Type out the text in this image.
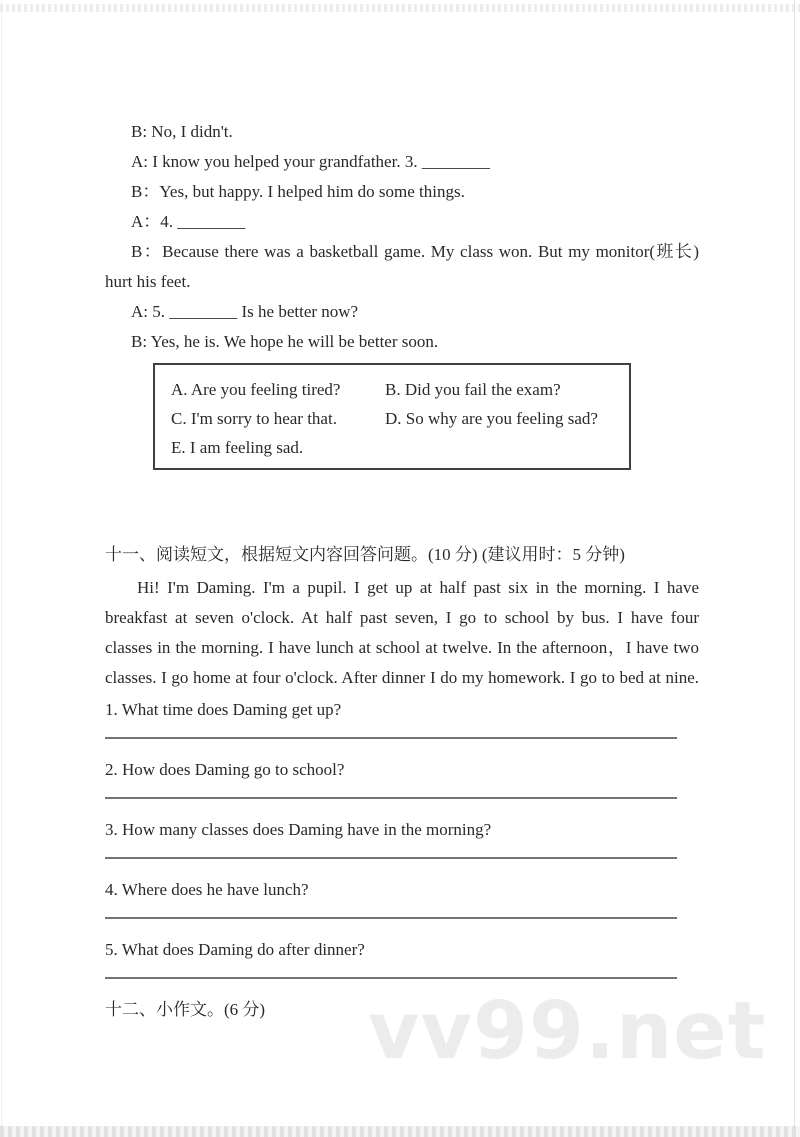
vv99.net
B: No, I didn't.
A: I know you helped your grandfather. 3. ________
B：Yes, but happy. I helped him do some things.
A：4. ________
B：Because there was a basketball game. My class won. But my monitor(班长)
hurt his feet.
A: 5. ________ Is he better now?
B: Yes, he is. We hope he will be better soon.
A. Are you feeling tired?	B. Did you fail the exam?
C. I'm sorry to hear that.	D. So why are you feeling sad?
E. I am feeling sad.
十一、阅读短文，根据短文内容回答问题。(10 分) (建议用时：5 分钟)
Hi! I'm Daming. I'm a pupil. I get up at half past six in the morning. I have
breakfast at seven o'clock. At half past seven, I go to school by bus. I have four
classes in the morning. I have lunch at school at twelve. In the afternoon，I have two
classes. I go home at four o'clock. After dinner I do my homework. I go to bed at nine.
1. What time does Daming get up?
2. How does Daming go to school?
3. How many classes does Daming have in the morning?
4. Where does he have lunch?
5. What does Daming do after dinner?
十二、小作文。(6 分)
